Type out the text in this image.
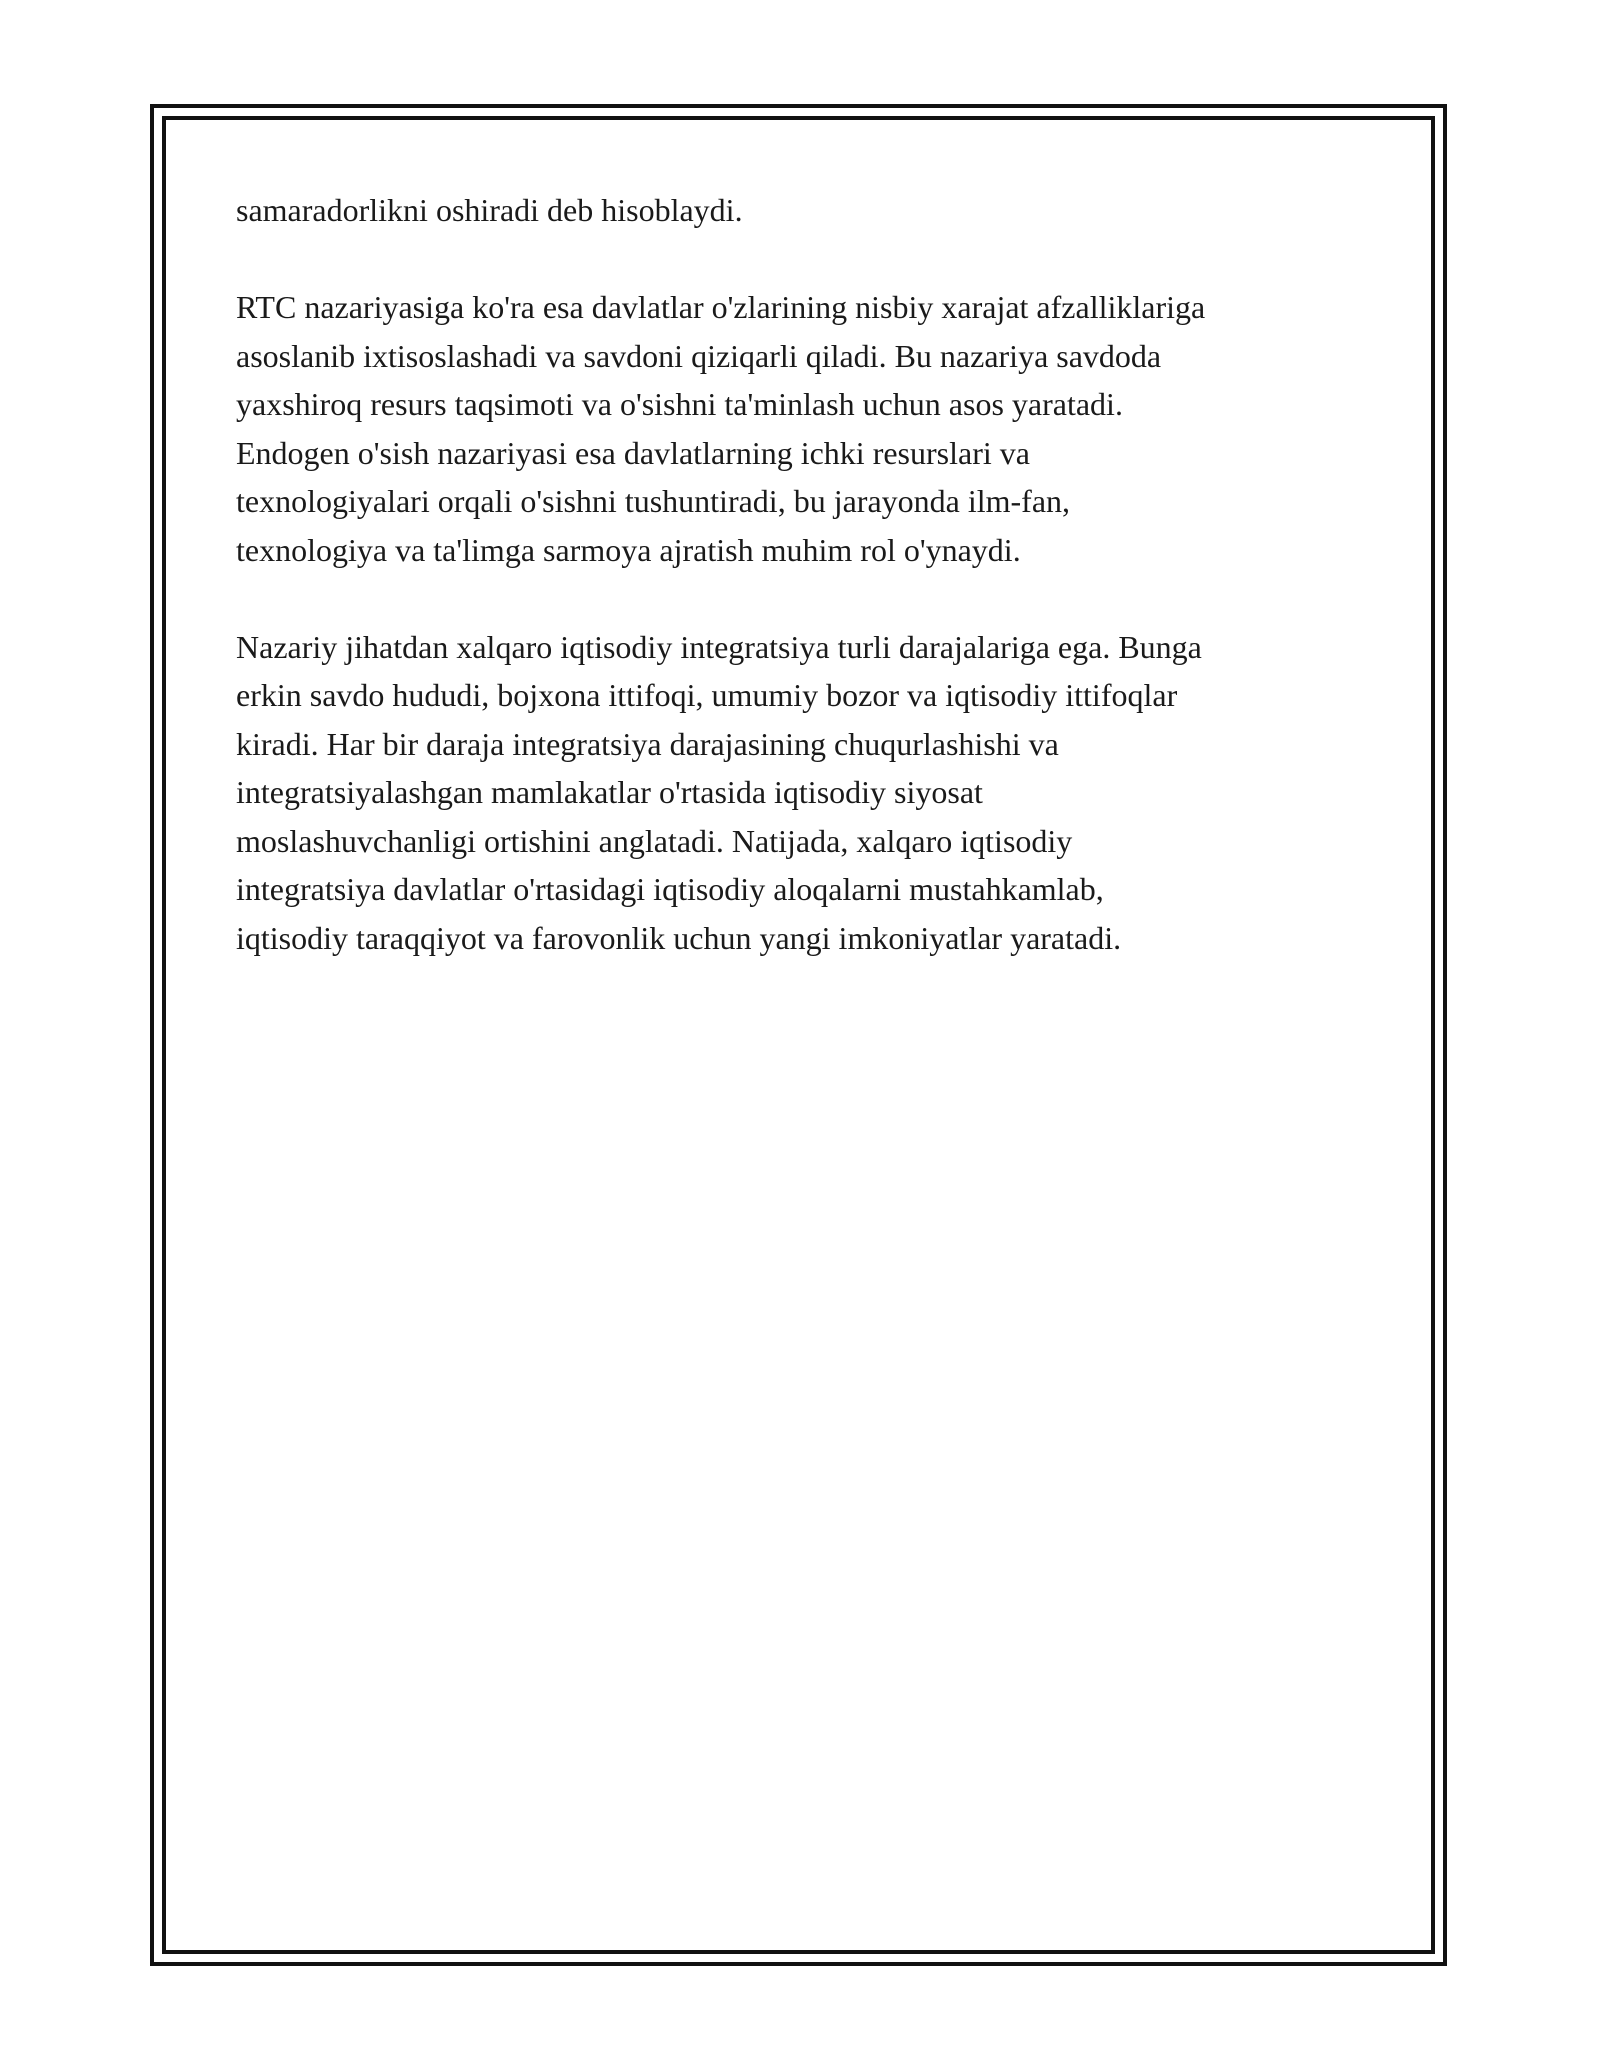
samaradorlikni oshiradi deb hisoblaydi.

RTC nazariyasiga ko'ra esa davlatlar o'zlarining nisbiy xarajat afzalliklariga
asoslanib ixtisoslashadi va savdoni qiziqarli qiladi. Bu nazariya savdoda
yaxshiroq resurs taqsimoti va o'sishni ta'minlash uchun asos yaratadi.
Endogen o'sish nazariyasi esa davlatlarning ichki resurslari va
texnologiyalari orqali o'sishni tushuntiradi, bu jarayonda ilm-fan,
texnologiya va ta'limga sarmoya ajratish muhim rol o'ynaydi.

Nazariy jihatdan xalqaro iqtisodiy integratsiya turli darajalariga ega. Bunga
erkin savdo hududi, bojxona ittifoqi, umumiy bozor va iqtisodiy ittifoqlar
kiradi. Har bir daraja integratsiya darajasining chuqurlashishi va
integratsiyalashgan mamlakatlar o'rtasida iqtisodiy siyosat
moslashuvchanligi ortishini anglatadi. Natijada, xalqaro iqtisodiy
integratsiya davlatlar o'rtasidagi iqtisodiy aloqalarni mustahkamlab,
iqtisodiy taraqqiyot va farovonlik uchun yangi imkoniyatlar yaratadi.
